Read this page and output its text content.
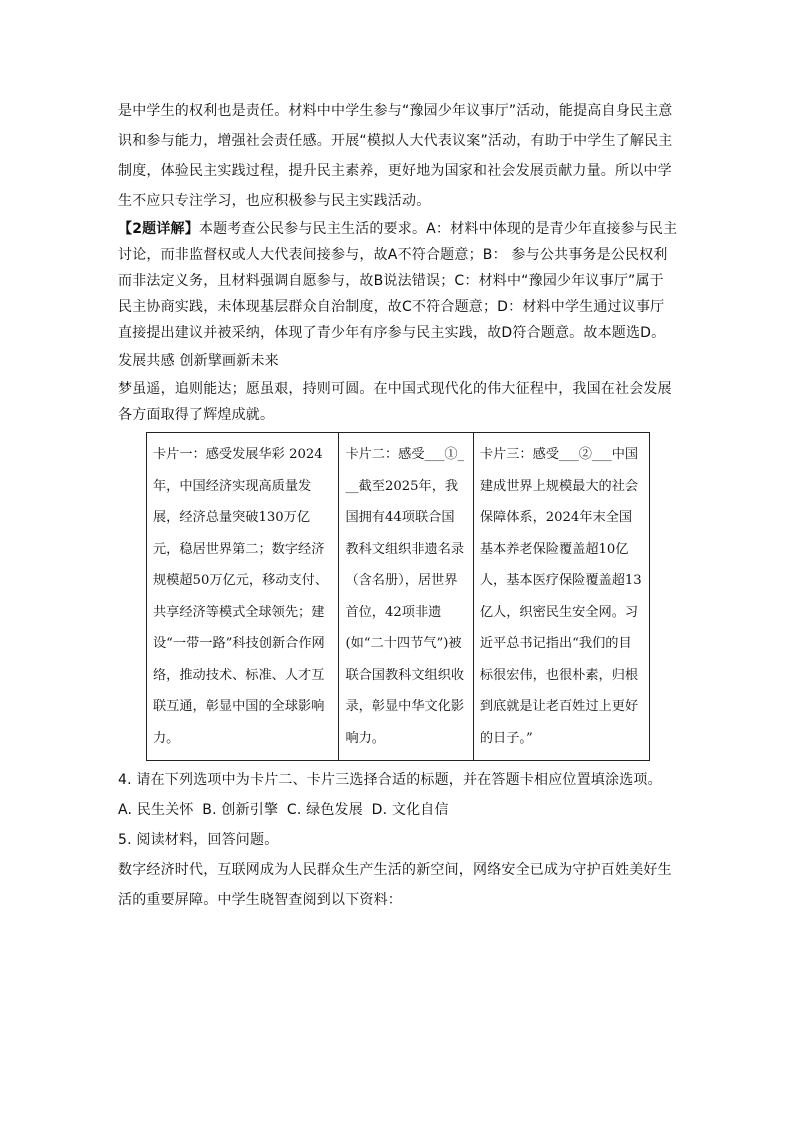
是中学生的权利也是责任。材料中中学生参与“豫园少年议事厅”活动，能提高自身民主意识和参与能力，增强社会责任感。开展“模拟人大代表议案”活动，有助于中学生了解民主制度，体验民主实践过程，提升民主素养，更好地为国家和社会发展贡献力量。所以中学生不应只专注学习，也应积极参与民主实践活动。

【2题详解】本题考查公民参与民主生活的要求。A：材料中体现的是青少年直接参与民主讨论，而非监督权或人大代表间接参与，故A不符合题意；B： 参与公共事务是公民权利而非法定义务，且材料强调自愿参与，故B说法错误；C：材料中“豫园少年议事厅”属于民主协商实践，未体现基层群众自治制度，故C不符合题意；D：材料中学生通过议事厅直接提出建议并被采纳，体现了青少年有序参与民主实践，故D符合题意。故本题选D。

发展共感 创新擘画新未来

梦虽遥，追则能达；愿虽艰，持则可圆。在中国式现代化的伟大征程中，我国在社会发展各方面取得了辉煌成就。

卡片一：感受发展华彩 2024年，中国经济实现高质量发展，经济总量突破130万亿元，稳居世界第二；数字经济规模超50万亿元，移动支付、共享经济等模式全球领先；建设“一带一路”科技创新合作网络，推动技术、标准、人才互联互通，彰显中国的全球影响力。	卡片二：感受___①___截至2025年，我国拥有44项联合国教科文组织非遗名录（含名册），居世界首位，42项非遗(如“二十四节气”)被联合国教科文组织收录，彰显中华文化影响力。	卡片三：感受___②___中国建成世界上规模最大的社会保障体系，2024年末全国基本养老保险覆盖超10亿人，基本医疗保险覆盖超13亿人，织密民生安全网。习近平总书记指出“我们的目标很宏伟，也很朴素，归根到底就是让老百姓过上更好的日子。”

4. 请在下列选项中为卡片二、卡片三选择合适的标题，并在答题卡相应位置填涂选项。

A. 民生关怀 B. 创新引擎 C. 绿色发展 D. 文化自信

5. 阅读材料，回答问题。

数字经济时代，互联网成为人民群众生产生活的新空间，网络安全已成为守护百姓美好生活的重要屏障。中学生晓智查阅到以下资料：
